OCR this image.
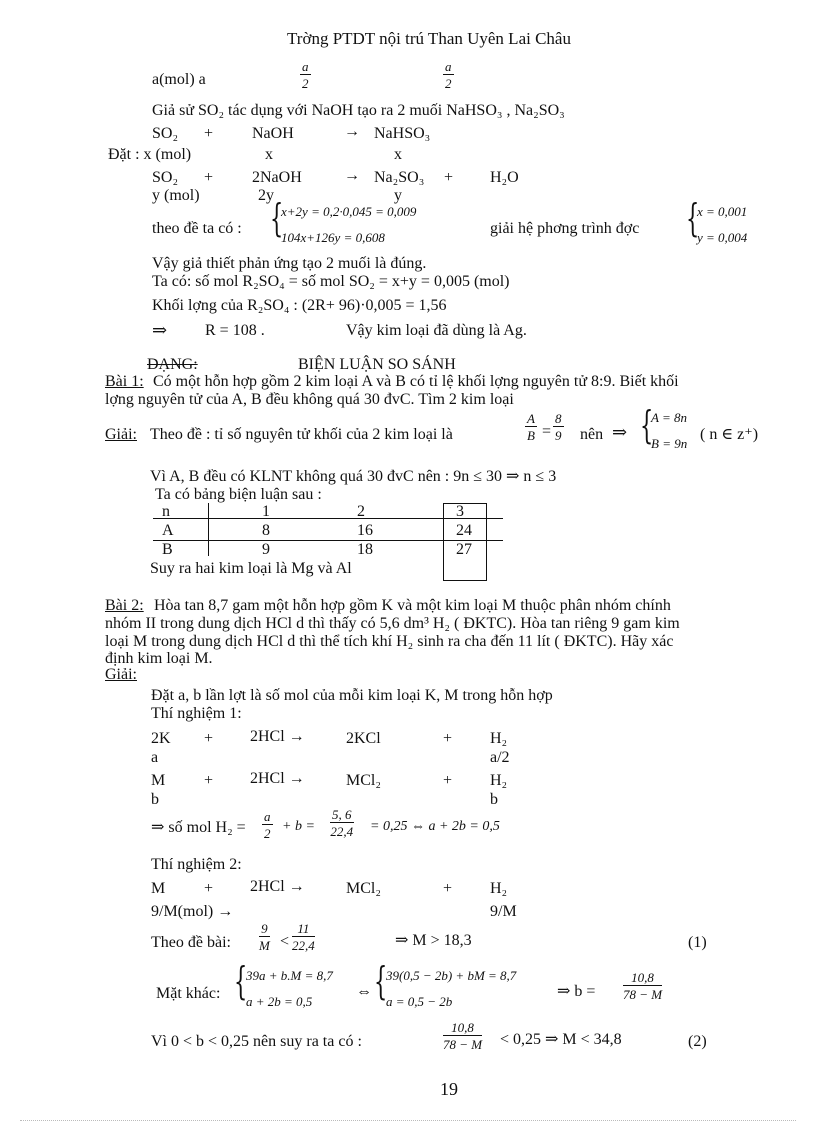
Trờng PTDT nội trú Than Uyên Lai Châu
a(mol) a	$\frac{a}{2}$	$\frac{a}{2}$
Giả sử SO₂ tác dụng với NaOH tạo ra 2 muối NaHSO₃ , Na₂SO₃
SO₂ + NaOH	→ NaHSO₃
Đặt : x (mol)	x	x
SO₂ + 2NaOH	→ Na₂SO₃ + H₂O
y (mol)	2y	y
theo đề ta có : {
x+2y = 0,2·0,045 = 0,009
104x+126y = 0,608
giải hệ phơng trình đợc {
x = 0,001
y = 0,004
Vậy giả thiết phản ứng tạo 2 muối là đúng.
Ta có: số mol R₂SO₄ = số mol SO₂ = x+y = 0,005 (mol)
Khối lợng của R₂SO₄ : (2R+ 96)·0,005 = 1,56
⇒ R = 108 .	Vậy kim loại đã dùng là Ag.
DẠNG:	BIỆN LUẬN SO SÁNH
Bài 1: Có một hỗn hợp gồm 2 kim loại A và B có tỉ lệ khối lợng nguyên tử 8:9. Biết khối
lợng nguyên tử của A, B đều không quá 30 đvC. Tìm 2 kim loại
Giải: Theo đề : tỉ số nguyên tử khối của 2 kim loại là	$\frac{A}{B} = \frac{8}{9}$ nên ⇒ {
A = 8n
B = 9n
( n ∈ z⁺)
Vì A, B đều có KLNT không quá 30 đvC nên : 9n ≤ 30 ⇒ n ≤ 3
Ta có bảng biện luận sau :
n	1	2	3
A	8	16	24
B	9	18	27
Suy ra hai kim loại là Mg và Al
Bài 2: Hòa tan 8,7 gam một hỗn hợp gồm K và một kim loại M thuộc phân nhóm chính
nhóm II trong dung dịch HCl d thì thấy có 5,6 dm³ H₂ ( ĐKTC). Hòa tan riêng 9 gam kim
loại M trong dung dịch HCl d thì thể tích khí H₂ sinh ra cha đến 11 lít ( ĐKTC). Hãy xác
định kim loại M.
Giải:
Đặt a, b lần lợt là số mol của mỗi kim loại K, M trong hỗn hợp
Thí nghiệm 1:
2K + 2HCl →	2KCl	+ H₂
a	a/2
M + 2HCl →	MCl₂	+ H₂
b	b
⇒ số mol $H_2 = \frac{a}{2} + b = \frac{5, 6}{22,4} = 0,25$ ⇔ a + 2b = 0,5
Thí nghiệm 2:
M + 2HCl →	MCl₂	+ H₂
9/M(mol) →	9/M
Theo đề bài: $\frac{9}{M} < \frac{11}{22,4}$	⇒ M > 18,3	(1)
Mặt khác: {
39a + b.M = 8,7
a + 2b = 0,5
⇔ {
39(0,5 − 2b) + bM = 8,7
a = 0,5 − 2b
⇒ $b = \frac{10,8}{78 - M}$
Vì 0 < b < 0,25 nên suy ra ta có :	$\frac{10,8}{78 - M} < 0,25$ ⇒ M < 34,8	(2)
19
